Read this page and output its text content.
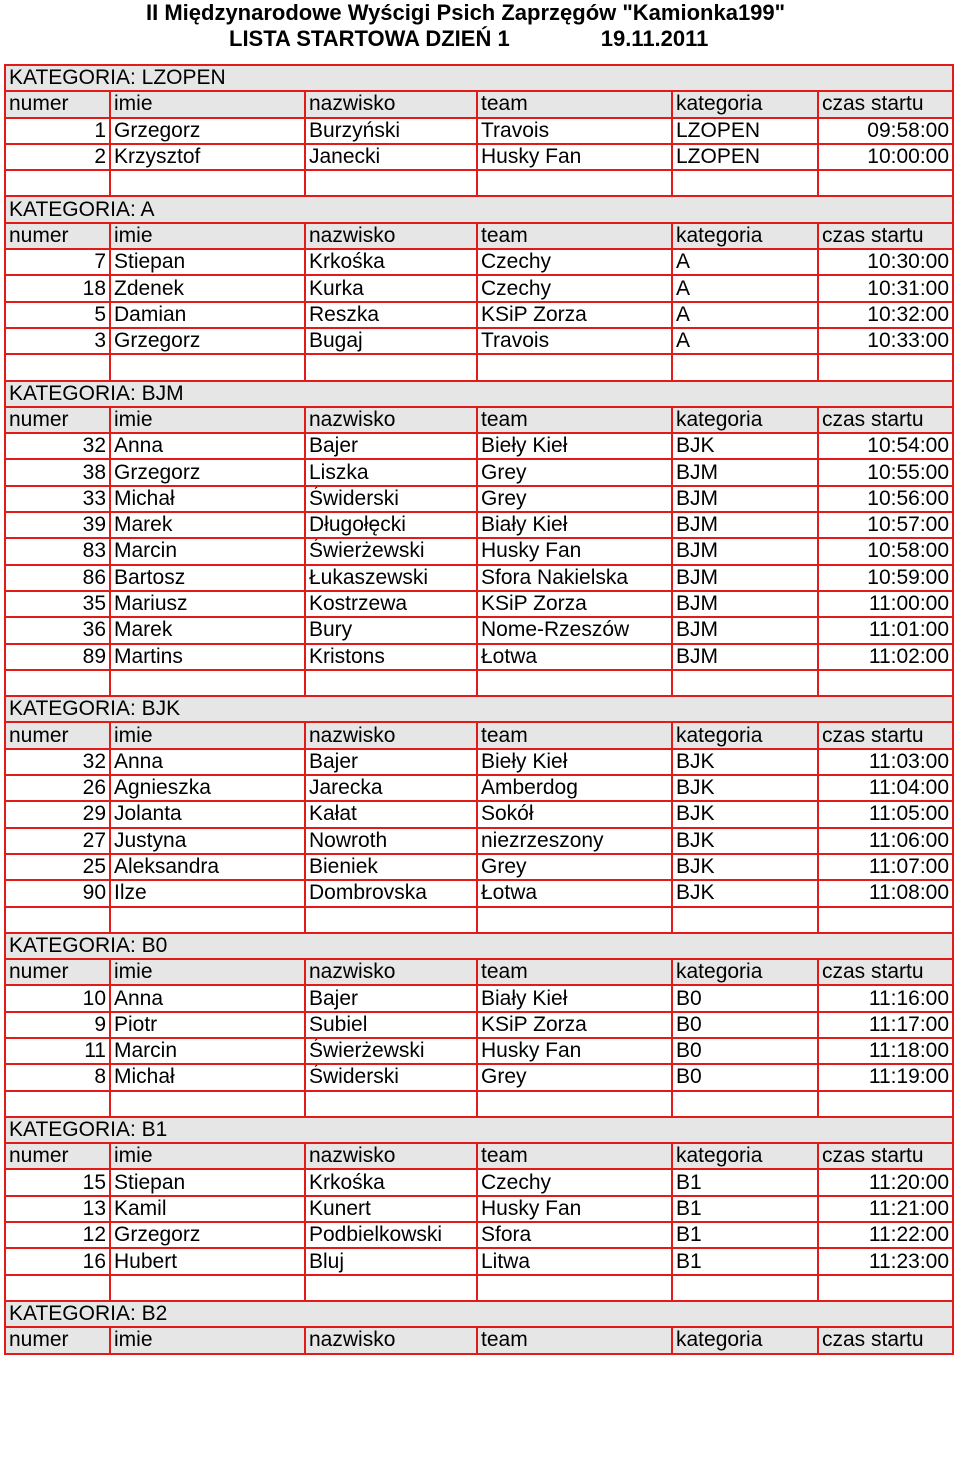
II Międzynarodowe Wyścigi Psich Zaprzęgów "Kamionka199"
LISTA STARTOWA DZIEŃ 1	19.11.2011
KATEGORIA: LZOPEN					
numer	imie	nazwisko	team	kategoria	czas startu
1	Grzegorz	Burzyński	Travois	LZOPEN	09:58:00
2	Krzysztof	Janecki	Husky Fan	LZOPEN	10:00:00

KATEGORIA: A					
numer	imie	nazwisko	team	kategoria	czas startu
7	Stiepan	Krkośka	Czechy	A	10:30:00
18	Zdenek	Kurka	Czechy	A	10:31:00
5	Damian	Reszka	KSiP Zorza	A	10:32:00
3	Grzegorz	Bugaj	Travois	A	10:33:00

KATEGORIA: BJM					
numer	imie	nazwisko	team	kategoria	czas startu
32	Anna	Bajer	Bieły Kieł	BJK	10:54:00
38	Grzegorz	Liszka	Grey	BJM	10:55:00
33	Michał	Świderski	Grey	BJM	10:56:00
39	Marek	Długołęcki	Biały Kieł	BJM	10:57:00
83	Marcin	Świerżewski	Husky Fan	BJM	10:58:00
86	Bartosz	Łukaszewski	Sfora Nakielska	BJM	10:59:00
35	Mariusz	Kostrzewa	KSiP Zorza	BJM	11:00:00
36	Marek	Bury	Nome-Rzeszów	BJM	11:01:00
89	Martins	Kristons	Łotwa	BJM	11:02:00

KATEGORIA: BJK					
numer	imie	nazwisko	team	kategoria	czas startu
32	Anna	Bajer	Bieły Kieł	BJK	11:03:00
26	Agnieszka	Jarecka	Amberdog	BJK	11:04:00
29	Jolanta	Kałat	Sokół	BJK	11:05:00
27	Justyna	Nowroth	niezrzeszony	BJK	11:06:00
25	Aleksandra	Bieniek	Grey	BJK	11:07:00
90	Ilze	Dombrovska	Łotwa	BJK	11:08:00

KATEGORIA: B0					
numer	imie	nazwisko	team	kategoria	czas startu
10	Anna	Bajer	Biały Kieł	B0	11:16:00
9	Piotr	Subiel	KSiP Zorza	B0	11:17:00
11	Marcin	Świerżewski	Husky Fan	B0	11:18:00
8	Michał	Świderski	Grey	B0	11:19:00

KATEGORIA: B1					
numer	imie	nazwisko	team	kategoria	czas startu
15	Stiepan	Krkośka	Czechy	B1	11:20:00
13	Kamil	Kunert	Husky Fan	B1	11:21:00
12	Grzegorz	Podbielkowski	Sfora	B1	11:22:00
16	Hubert	Bluj	Litwa	B1	11:23:00

KATEGORIA: B2					
numer	imie	nazwisko	team	kategoria	czas startu
